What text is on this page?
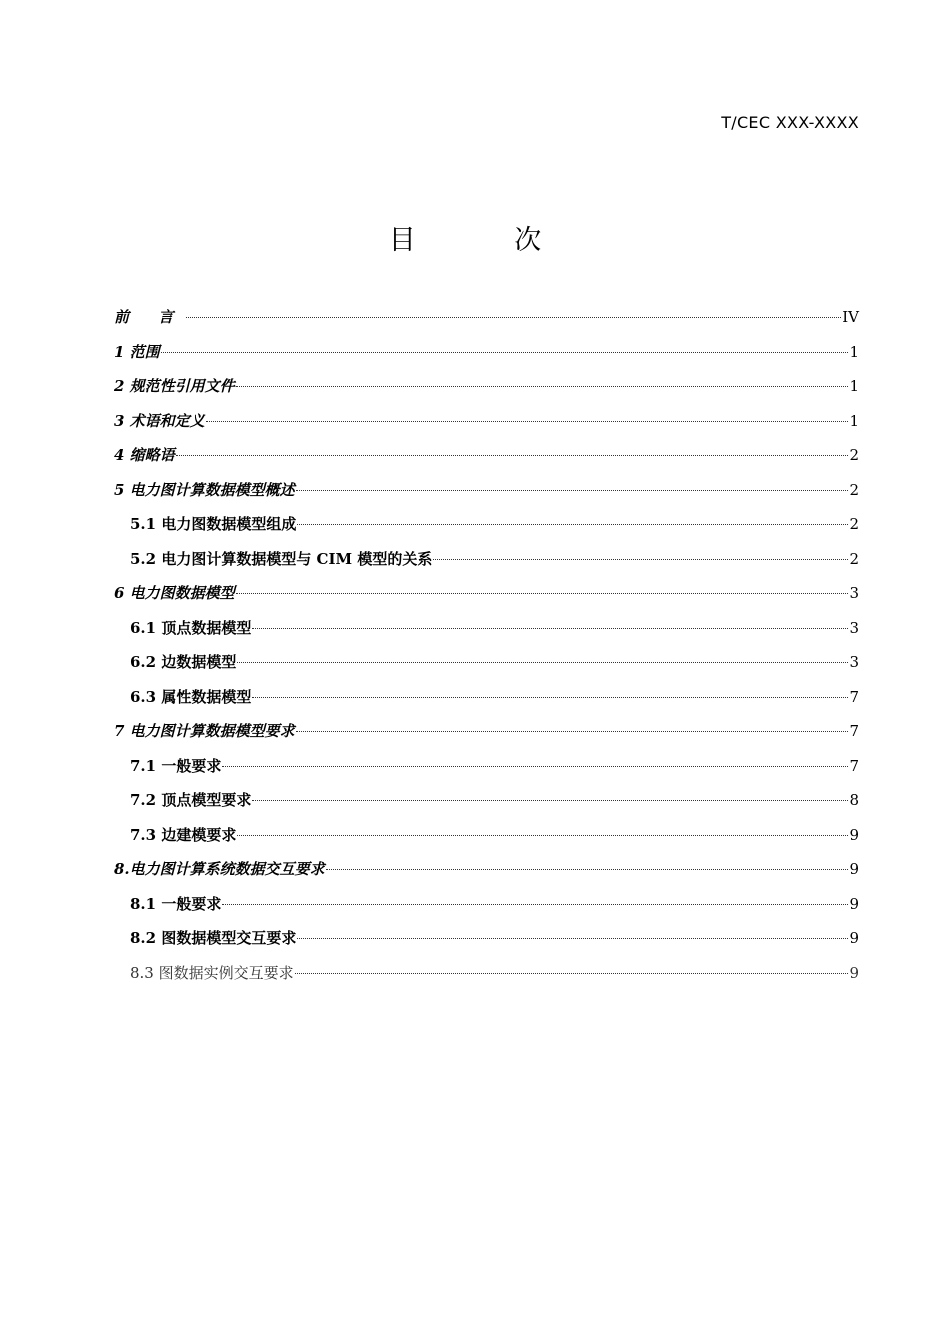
T/CEC XXX-XXXX
目 次
前 言	IV
1 范围	1
2 规范性引用文件	1
3 术语和定义	1
4 缩略语	2
5 电力图计算数据模型概述	2
5.1 电力图数据模型组成	2
5.2 电力图计算数据模型与 CIM 模型的关系	2
6 电力图数据模型	3
6.1 顶点数据模型	3
6.2 边数据模型	3
6.3 属性数据模型	7
7 电力图计算数据模型要求	7
7.1 一般要求	7
7.2 顶点模型要求	8
7.3 边建模要求	9
8.电力图计算系统数据交互要求	9
8.1 一般要求	9
8.2 图数据模型交互要求	9
8.3 图数据实例交互要求	9
